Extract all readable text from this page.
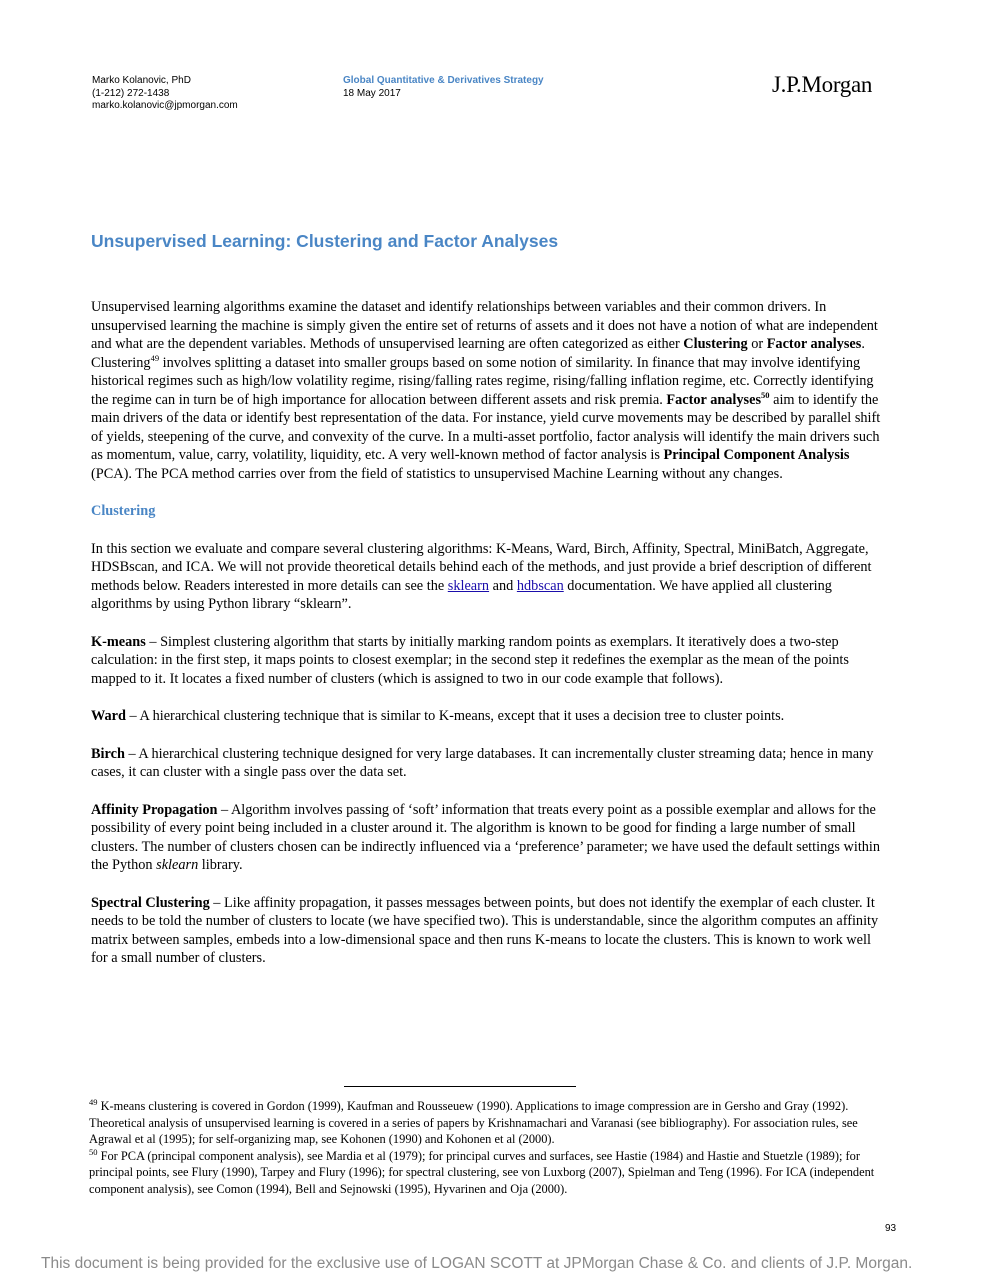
Marko Kolanovic, PhD
(1-212) 272-1438
marko.kolanovic@jpmorgan.com
Global Quantitative & Derivatives Strategy
18 May 2017	J.P.Morgan
Unsupervised Learning: Clustering and Factor Analyses

Unsupervised learning algorithms examine the dataset and identify relationships between variables and their common drivers. In unsupervised learning the machine is simply given the entire set of returns of assets and it does not have a notion of what are independent and what are the dependent variables. Methods of unsupervised learning are often categorized as either Clustering or Factor analyses. Clustering$^{49}$ involves splitting a dataset into smaller groups based on some notion of similarity. In finance that may involve identifying historical regimes such as high/low volatility regime, rising/falling rates regime, rising/falling inflation regime, etc. Correctly identifying the regime can in turn be of high importance for allocation between different assets and risk premia. Factor analyses$^{50}$ aim to identify the main drivers of the data or identify best representation of the data. For instance, yield curve movements may be described by parallel shift of yields, steepening of the curve, and convexity of the curve. In a multi-asset portfolio, factor analysis will identify the main drivers such as momentum, value, carry, volatility, liquidity, etc. A very well-known method of factor analysis is Principal Component Analysis (PCA). The PCA method carries over from the field of statistics to unsupervised Machine Learning without any changes.

Clustering

In this section we evaluate and compare several clustering algorithms: K-Means, Ward, Birch, Affinity, Spectral, MiniBatch, Aggregate, HDSBscan, and ICA. We will not provide theoretical details behind each of the methods, and just provide a brief description of different methods below. Readers interested in more details can see the sklearn and hdbscan documentation. We have applied all clustering algorithms by using Python library “sklearn”.

K-means – Simplest clustering algorithm that starts by initially marking random points as exemplars. It iteratively does a two-step calculation: in the first step, it maps points to closest exemplar; in the second step it redefines the exemplar as the mean of the points mapped to it. It locates a fixed number of clusters (which is assigned to two in our code example that follows).

Ward – A hierarchical clustering technique that is similar to K-means, except that it uses a decision tree to cluster points.

Birch – A hierarchical clustering technique designed for very large databases. It can incrementally cluster streaming data; hence in many cases, it can cluster with a single pass over the data set.

Affinity Propagation – Algorithm involves passing of ‘soft’ information that treats every point as a possible exemplar and allows for the possibility of every point being included in a cluster around it. The algorithm is known to be good for finding a large number of small clusters. The number of clusters chosen can be indirectly influenced via a ‘preference’ parameter; we have used the default settings within the Python sklearn library.

Spectral Clustering – Like affinity propagation, it passes messages between points, but does not identify the exemplar of each cluster. It needs to be told the number of clusters to locate (we have specified two). This is understandable, since the algorithm computes an affinity matrix between samples, embeds into a low-dimensional space and then runs K-means to locate the clusters. This is known to work well for a small number of clusters.

$^{49}$ K-means clustering is covered in Gordon (1999), Kaufman and Rousseuew (1990). Applications to image compression are in Gersho and Gray (1992). Theoretical analysis of unsupervised learning is covered in a series of papers by Krishnamachari and Varanasi (see bibliography). For association rules, see Agrawal et al (1995); for self-organizing map, see Kohonen (1990) and Kohonen et al (2000).

$^{50}$ For PCA (principal component analysis), see Mardia et al (1979); for principal curves and surfaces, see Hastie (1984) and Hastie and Stuetzle (1989); for principal points, see Flury (1990), Tarpey and Flury (1996); for spectral clustering, see von Luxborg (2007), Spielman and Teng (1996). For ICA (independent component analysis), see Comon (1994), Bell and Sejnowski (1995), Hyvarinen and Oja (2000).

93
This document is being provided for the exclusive use of LOGAN SCOTT at JPMorgan Chase & Co. and clients of J.P. Morgan.
